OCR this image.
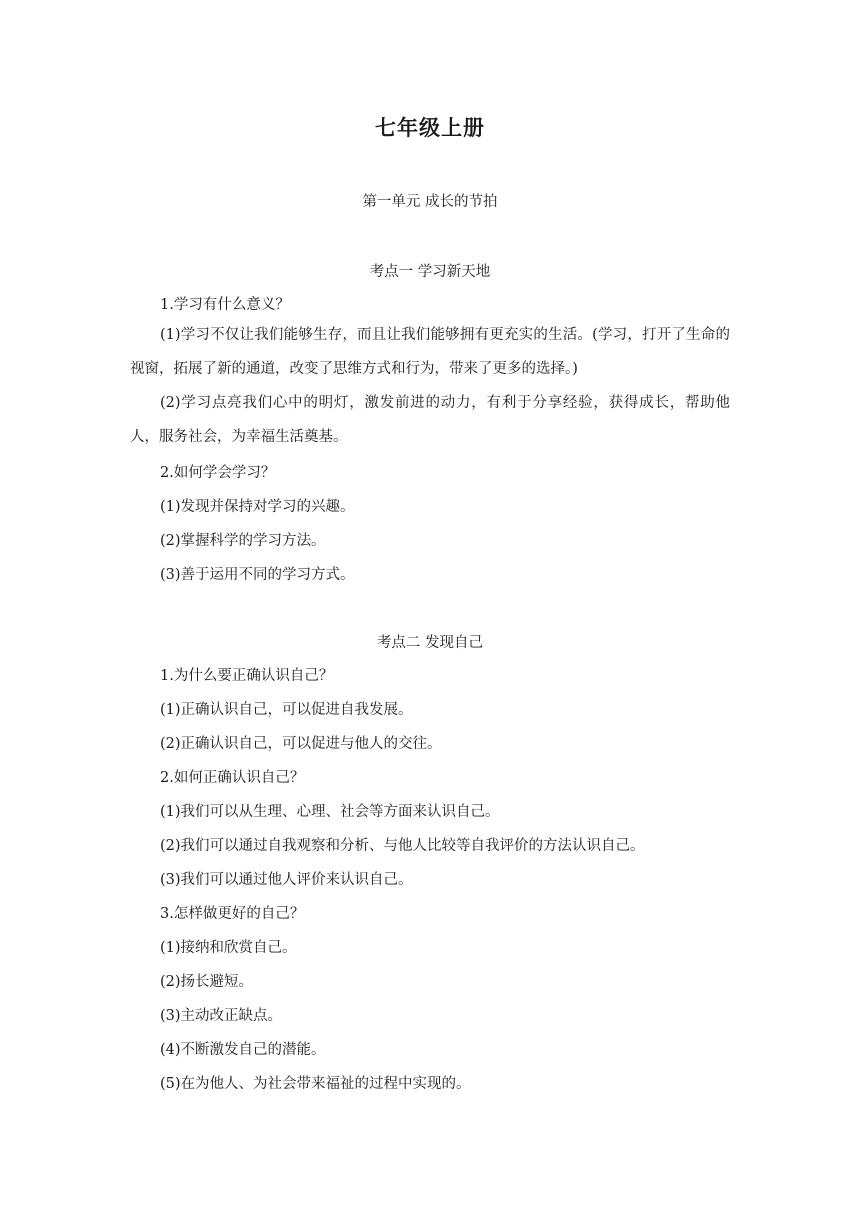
七年级上册
第一单元 成长的节拍
考点一 学习新天地
1.学习有什么意义？
(1)学习不仅让我们能够生存，而且让我们能够拥有更充实的生活。(学习，打开了生命的视窗，拓展了新的通道，改变了思维方式和行为，带来了更多的选择。)
(2)学习点亮我们心中的明灯，激发前进的动力，有利于分享经验，获得成长，帮助他人，服务社会，为幸福生活奠基。
2.如何学会学习？
(1)发现并保持对学习的兴趣。
(2)掌握科学的学习方法。
(3)善于运用不同的学习方式。
考点二 发现自己
1.为什么要正确认识自己？
(1)正确认识自己，可以促进自我发展。
(2)正确认识自己，可以促进与他人的交往。
2.如何正确认识自己？
(1)我们可以从生理、心理、社会等方面来认识自己。
(2)我们可以通过自我观察和分析、与他人比较等自我评价的方法认识自己。
(3)我们可以通过他人评价来认识自己。
3.怎样做更好的自己？
(1)接纳和欣赏自己。
(2)扬长避短。
(3)主动改正缺点。
(4)不断激发自己的潜能。
(5)在为他人、为社会带来福祉的过程中实现的。
